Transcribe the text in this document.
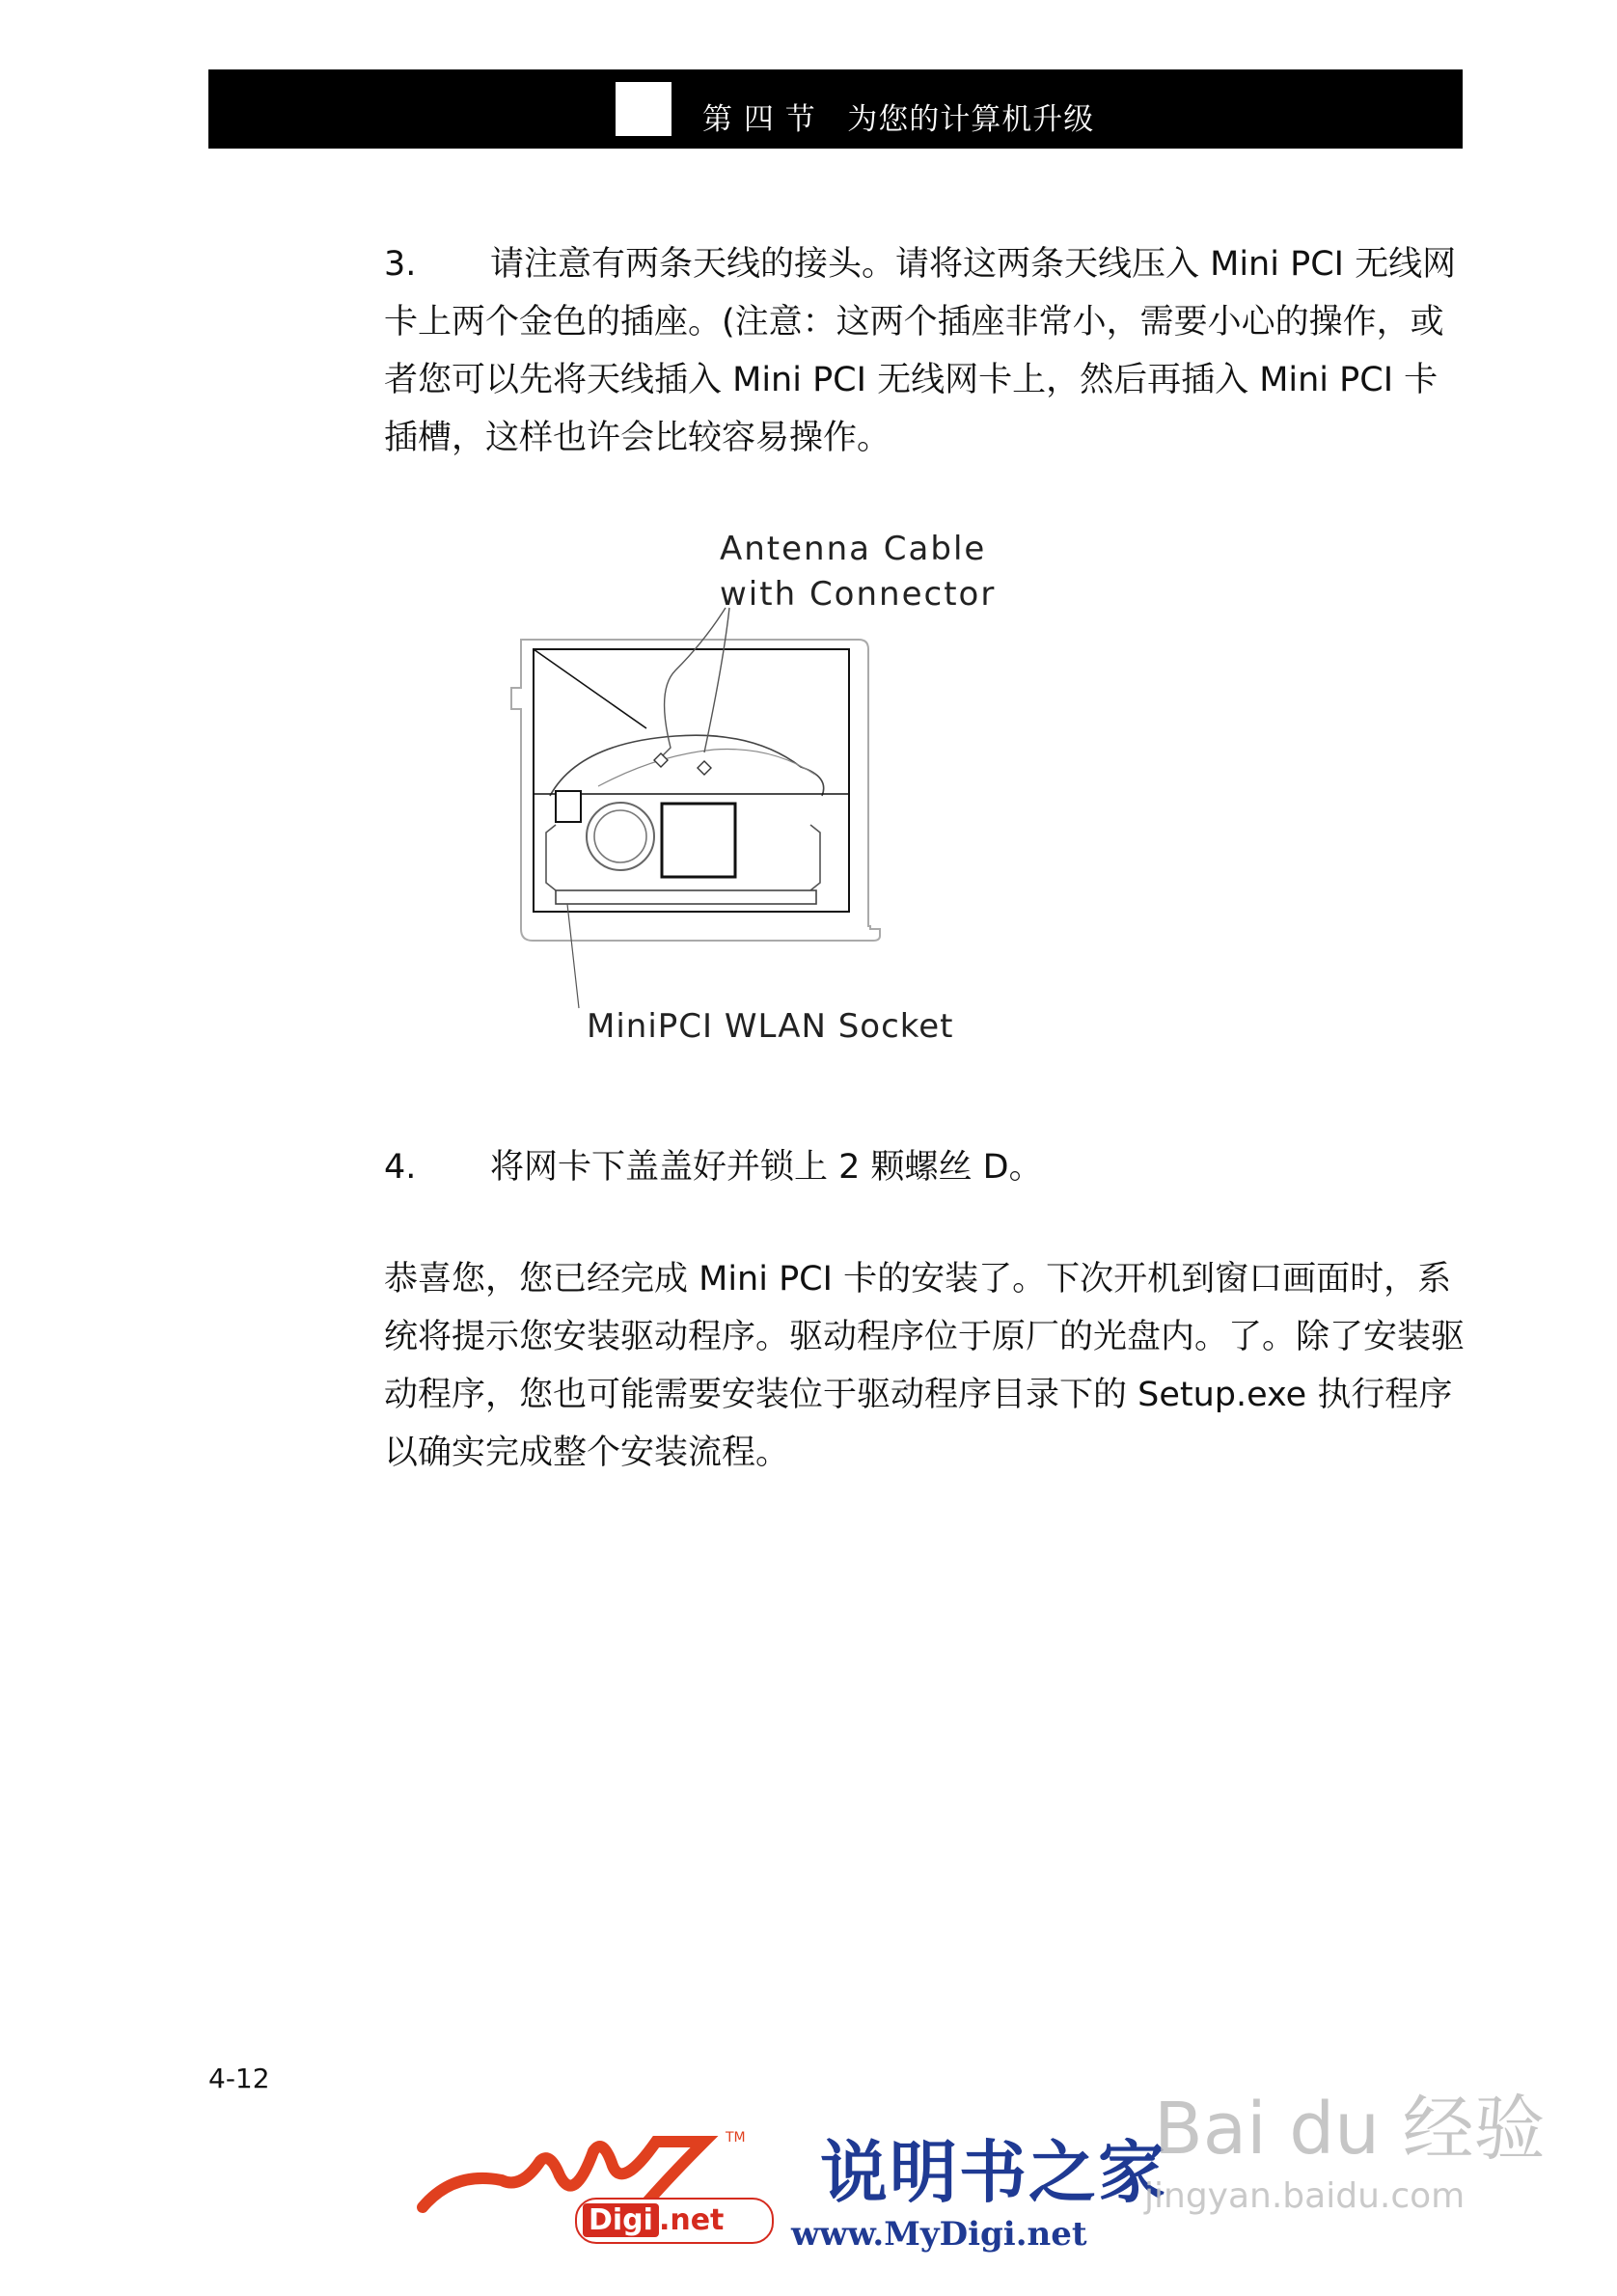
第 四 节   为您的计算机升级
3. 请注意有两条天线的接头。请将这两条天线压入 Mini PCI 无线网卡上两个金色的插座。(注意：这两个插座非常小，需要小心的操作，或者您可以先将天线插入 Mini PCI 无线网卡上，然后再插入 Mini PCI 卡插槽，这样也许会比较容易操作。
Antenna Cable
with Connector
MiniPCI WLAN Socket
4. 将网卡下盖盖好并锁上 2 颗螺丝 D。
恭喜您，您已经完成 Mini PCI 卡的安装了。下次开机到窗口画面时，系统将提示您安装驱动程序。驱动程序位于原厂的光盘内。了。除了安装驱动程序，您也可能需要安装位于驱动程序目录下的 Setup.exe 执行程序以确实完成整个安装流程。
4-12
TM
Digi .net
说明书之家
www.MyDigi.net
Bai du 经验
jingyan.baidu.com
